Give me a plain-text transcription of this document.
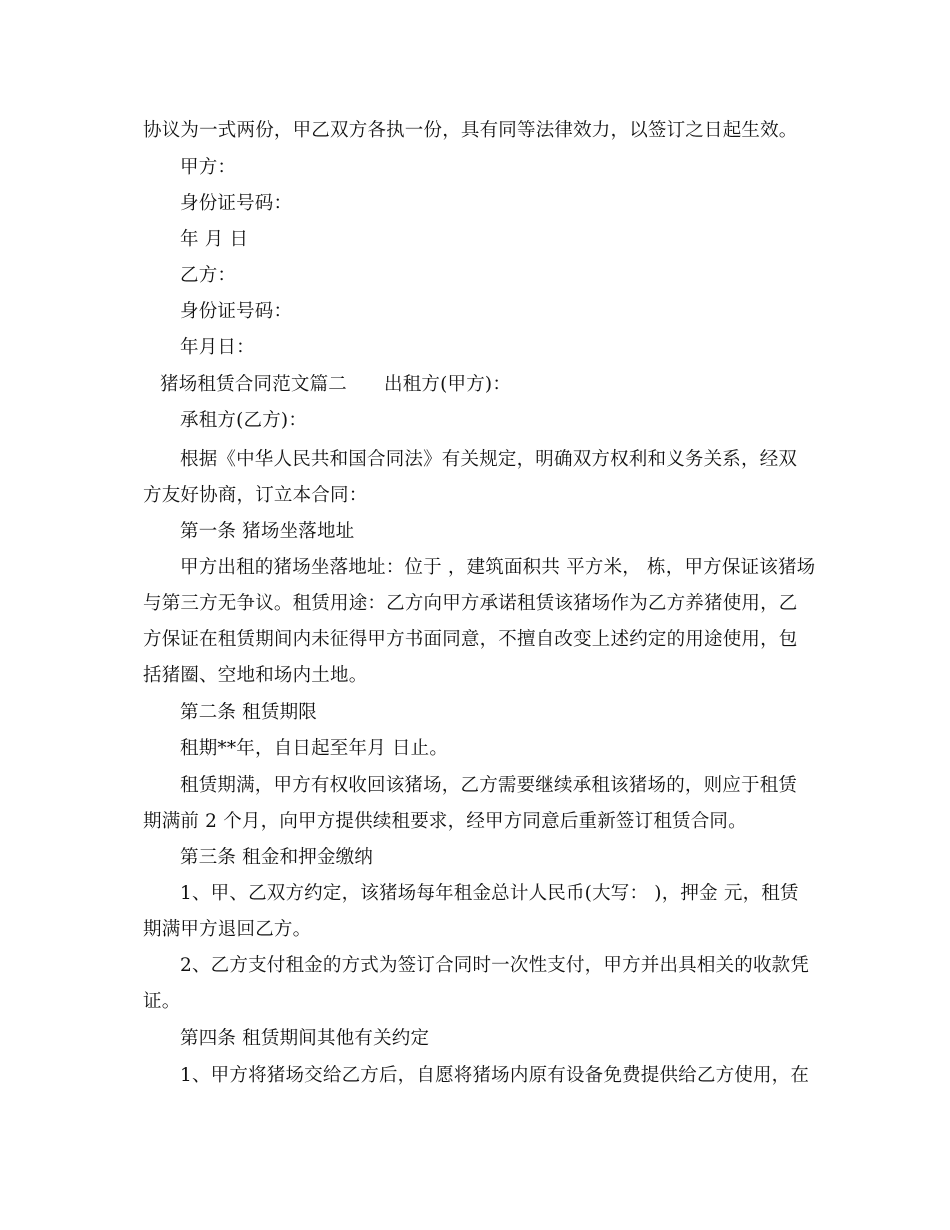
协议为一式两份，甲乙双方各执一份，具有同等法律效力，以签订之日起生效。
甲方：
身份证号码：
年 月 日
乙方：
身份证号码：
年月日：
猪场租赁合同范文篇二	出租方(甲方)：
承租方(乙方)：
根据《中华人民共和国合同法》有关规定，明确双方权利和义务关系，经双
方友好协商，订立本合同：
第一条 猪场坐落地址
甲方出租的猪场坐落地址：位于 ，建筑面积共 平方米， 栋，甲方保证该猪场
与第三方无争议。租赁用途：乙方向甲方承诺租赁该猪场作为乙方养猪使用，乙
方保证在租赁期间内未征得甲方书面同意，不擅自改变上述约定的用途使用，包
括猪圈、空地和场内土地。
第二条 租赁期限
租期**年，自日起至年月 日止。
租赁期满，甲方有权收回该猪场，乙方需要继续承租该猪场的，则应于租赁
期满前 2 个月，向甲方提供续租要求，经甲方同意后重新签订租赁合同。
第三条 租金和押金缴纳
1、甲、乙双方约定，该猪场每年租金总计人民币(大写： )，押金 元，租赁
期满甲方退回乙方。
2、乙方支付租金的方式为签订合同时一次性支付，甲方并出具相关的收款凭
证。
第四条 租赁期间其他有关约定
1、甲方将猪场交给乙方后，自愿将猪场内原有设备免费提供给乙方使用，在
